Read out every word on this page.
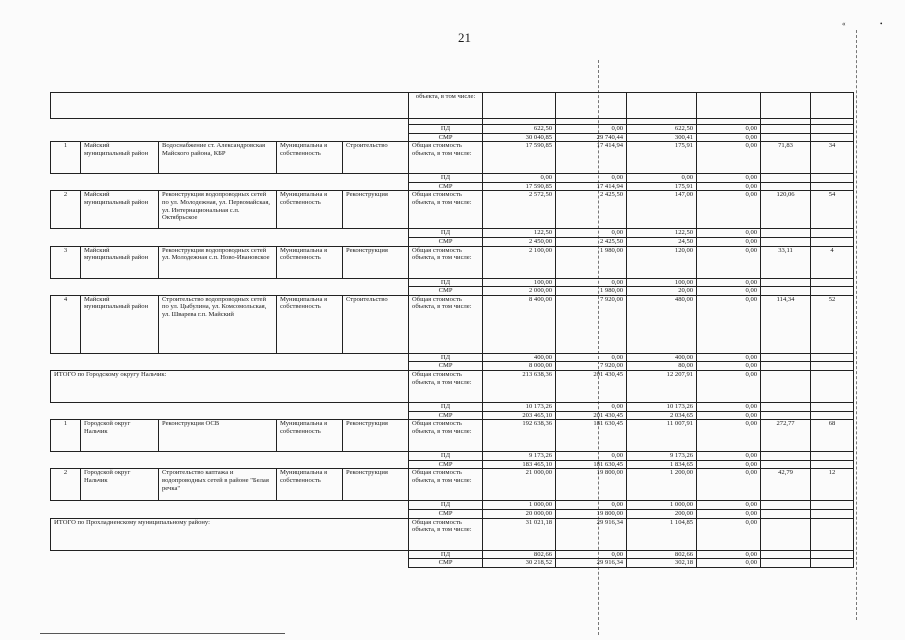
21
«	•
					объекта, в том числе:						

					ПД	622,50	0,00	622,50	0,00		
					СМР	30 040,85	29 740,44	300,41	0,00		
1	Майский муниципальный район	Водоснабжение ст. Александровская Майского района, КБР	Муниципальна я собственность	Строительство	Общая стоимость объекта, в том числе:	17 590,85	17 414,94	175,91	0,00	71,83	34
					ПД	0,00	0,00	0,00	0,00		
					СМР	17 590,85	17 414,94	175,91	0,00		
2	Майский муниципальный район	Реконструкция водопроводных сетей по ул. Молодежная, ул. Первомайская, ул. Интернациональная с.п. Октябрьское	Муниципальна я собственность	Реконструкция	Общая стоимость объекта, в том числе:	2 572,50	2 425,50	147,00	0,00	120,06	54
					ПД	122,50	0,00	122,50	0,00		
					СМР	2 450,00	2 425,50	24,50	0,00		
3	Майский муниципальный район	Реконструкция водопроводных сетей ул. Молодежная с.п. Ново-Ивановское	Муниципальна я собственность	Реконструкция	Общая стоимость объекта, в том числе:	2 100,00	1 980,00	120,00	0,00	33,11	4
					ПД	100,00	0,00	100,00	0,00		
					СМР	2 000,00	1 980,00	20,00	0,00		
4	Майский муниципальный район	Строительство водопроводных сетей по ул. Цыбулина, ул. Комсомольская, ул. Шварева г.п. Майский	Муниципальна я собственность	Строительство	Общая стоимость объекта, в том числе:	8 400,00	7 920,00	480,00	0,00	114,34	52
					ПД	400,00	0,00	400,00	0,00		
					СМР	8 000,00	7 920,00	80,00	0,00		
ИТОГО по Городскому округу Нальчик:					Общая стоимость объекта, в том числе:	213 638,36	201 430,45	12 207,91	0,00		
					ПД	10 173,26	0,00	10 173,26	0,00		
					СМР	203 465,10	201 430,45	2 034,65	0,00		
1	Городской округ Нальчик	Реконструкция ОСВ	Муниципальна я собственность	Реконструкция	Общая стоимость объекта, в том числе:	192 638,36	181 630,45	11 007,91	0,00	272,77	68
					ПД	9 173,26	0,00	9 173,26	0,00		
					СМР	183 465,10	181 630,45	1 834,65	0,00		
2	Городской округ Нальчик	Строительство каптажа и водопроводных сетей в районе "Белая речка"	Муниципальна я собственность	Реконструкция	Общая стоимость объекта, в том числе:	21 000,00	19 800,00	1 200,00	0,00	42,79	12
					ПД	1 000,00	0,00	1 000,00	0,00		
					СМР	20 000,00	19 800,00	200,00	0,00		
ИТОГО по Прохладненскому муниципальному району:					Общая стоимость объекта, в том числе:	31 021,18	29 916,34	1 104,85	0,00		
					ПД	802,66	0,00	802,66	0,00		
					СМР	30 218,52	29 916,34	302,18	0,00		
